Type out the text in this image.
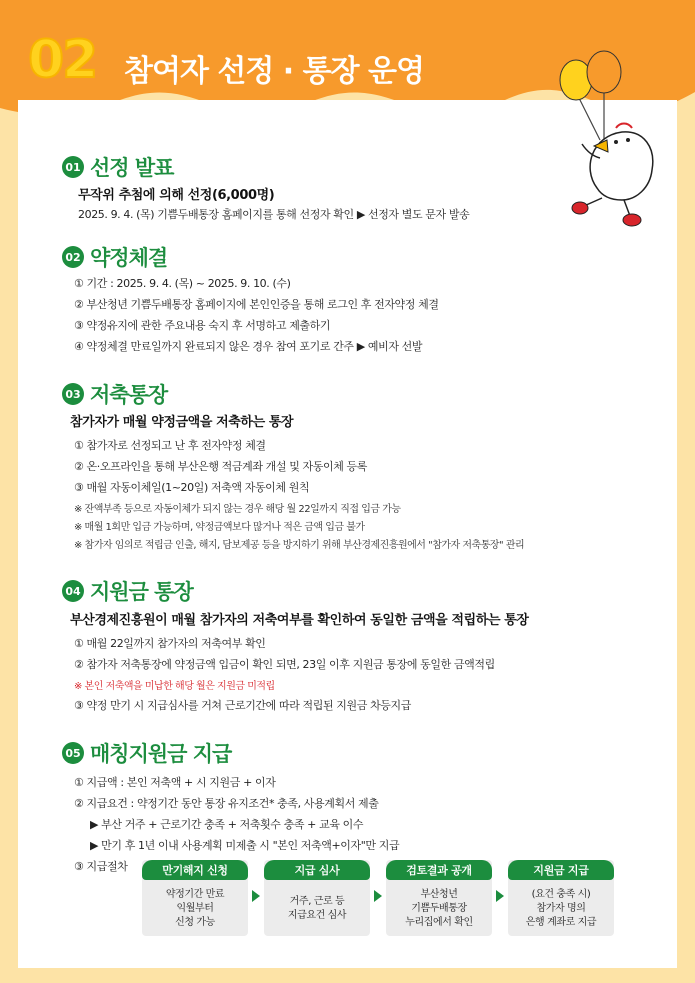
02 참여자 선정 · 통장 운영
01 선정 발표
무작위 추첨에 의해 선정(6,000명)
2025. 9. 4. (목) 기쁨두배통장 홈페이지를 통해 선정자 확인 ▶ 선정자 별도 문자 발송
02 약정체결
① 기간 : 2025. 9. 4. (목) ~ 2025. 9. 10. (수)
② 부산청년 기쁨두배통장 홈페이지에 본인인증을 통해 로그인 후 전자약정 체결
③ 약정유지에 관한 주요내용 숙지 후 서명하고 제출하기
④ 약정체결 만료일까지 완료되지 않은 경우 참여 포기로 간주 ▶ 예비자 선발
03 저축통장
참가자가 매월 약정금액을 저축하는 통장
① 참가자로 선정되고 난 후 전자약정 체결
② 온·오프라인을 통해 부산은행 적금계좌 개설 및 자동이체 등록
③ 매월 자동이체일(1~20일) 저축액 자동이체 원칙
※ 잔액부족 등으로 자동이체가 되지 않는 경우 해당 월 22일까지 직접 입금 가능
※ 매월 1회만 입금 가능하며, 약정금액보다 많거나 적은 금액 입금 불가
※ 참가자 임의로 적립금 인출, 해지, 담보제공 등을 방지하기 위해 부산경제진흥원에서 "참가자 저축통장" 관리
04 지원금 통장
부산경제진흥원이 매월 참가자의 저축여부를 확인하여 동일한 금액을 적립하는 통장
① 매월 22일까지 참가자의 저축여부 확인
② 참가자 저축통장에 약정금액 입금이 확인 되면, 23일 이후 지원금 통장에 동일한 금액적립
※ 본인 저축액을 미납한 해당 월은 지원금 미적립
③ 약정 만기 시 지급심사를 거쳐 근로기간에 따라 적립된 지원금 차등지급
05 매칭지원금 지급
① 지급액 : 본인 저축액 + 시 지원금 + 이자
② 지급요건 : 약정기간 동안 통장 유지조건* 충족, 사용계획서 제출
▶ 부산 거주 + 근로기간 충족 + 저축횟수 충족 + 교육 이수
▶ 만기 후 1년 이내 사용계획 미제출 시 "본인 저축액+이자"만 지급
③ 지급절차	만기해지 신청
약정기간 만료
익월부터
신청 가능
지급 심사
거주, 근로 등
지급요건 심사
검토결과 공개
부산청년
기쁨두배통장
누리집에서 확인
지원금 지급
(요건 충족 시)
참가자 명의
은행 계좌로 지급
